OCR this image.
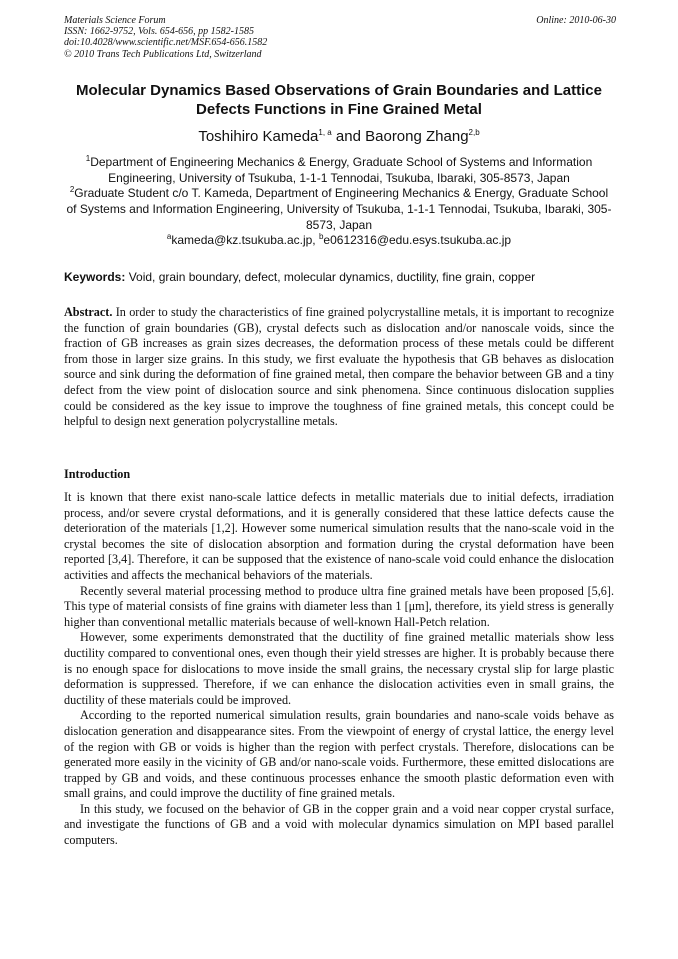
Materials Science Forum
ISSN: 1662-9752, Vols. 654-656, pp 1582-1585
doi:10.4028/www.scientific.net/MSF.654-656.1582
© 2010 Trans Tech Publications Ltd, Switzerland
Online: 2010-06-30
Molecular Dynamics Based Observations of Grain Boundaries and Lattice Defects Functions in Fine Grained Metal
Toshihiro Kameda$^{1, a}$ and Baorong Zhang$^{2,b}$
$^1$Department of Engineering Mechanics & Energy, Graduate School of Systems and Information Engineering, University of Tsukuba, 1-1-1 Tennodai, Tsukuba, Ibaraki, 305-8573, Japan
$^2$Graduate Student c/o T. Kameda, Department of Engineering Mechanics & Energy, Graduate School of Systems and Information Engineering, University of Tsukuba, 1-1-1 Tennodai, Tsukuba, Ibaraki, 305-8573, Japan
$^a$kameda@kz.tsukuba.ac.jp, $^b$e0612316@edu.esys.tsukuba.ac.jp
Keywords: Void, grain boundary, defect, molecular dynamics, ductility, fine grain, copper
Abstract. In order to study the characteristics of fine grained polycrystalline metals, it is important to recognize the function of grain boundaries (GB), crystal defects such as dislocation and/or nanoscale voids, since the fraction of GB increases as grain sizes decreases, the deformation process of these metals could be different from those in larger size grains. In this study, we first evaluate the hypothesis that GB behaves as dislocation source and sink during the deformation of fine grained metal, then compare the behavior between GB and a tiny defect from the view point of dislocation source and sink phenomena. Since continuous dislocation supplies could be considered as the key issue to improve the toughness of fine grained metals, this concept could be helpful to design next generation polycrystalline metals.
Introduction

It is known that there exist nano-scale lattice defects in metallic materials due to initial defects, irradiation process, and/or severe crystal deformations, and it is generally considered that these lattice defects cause the deterioration of the materials [1,2]. However some numerical simulation results that the nano-scale void in the crystal becomes the site of dislocation absorption and formation during the crystal deformation have been reported [3,4]. Therefore, it can be supposed that the existence of nano-scale void could enhance the dislocation activities and affects the mechanical behaviors of the materials.

Recently several material processing method to produce ultra fine grained metals have been proposed [5,6]. This type of material consists of fine grains with diameter less than 1 [μm], therefore, its yield stress is generally higher than conventional metallic materials because of well-known Hall-Petch relation.

However, some experiments demonstrated that the ductility of fine grained metallic materials show less ductility compared to conventional ones, even though their yield stresses are higher. It is probably because there is no enough space for dislocations to move inside the small grains, the necessary crystal slip for large plastic deformation is suppressed. Therefore, if we can enhance the dislocation activities even in small grains, the ductility of these materials could be improved.

According to the reported numerical simulation results, grain boundaries and nano-scale voids behave as dislocation generation and disappearance sites. From the viewpoint of energy of crystal lattice, the energy level of the region with GB or voids is higher than the region with perfect crystals. Therefore, dislocations can be generated more easily in the vicinity of GB and/or nano-scale voids. Furthermore, these emitted dislocations are trapped by GB and voids, and these continuous processes enhance the smooth plastic deformation even with small grains, and could improve the ductility of fine grained metals.

In this study, we focused on the behavior of GB in the copper grain and a void near copper crystal surface, and investigate the functions of GB and a void with molecular dynamics simulation on MPI based parallel computers.
